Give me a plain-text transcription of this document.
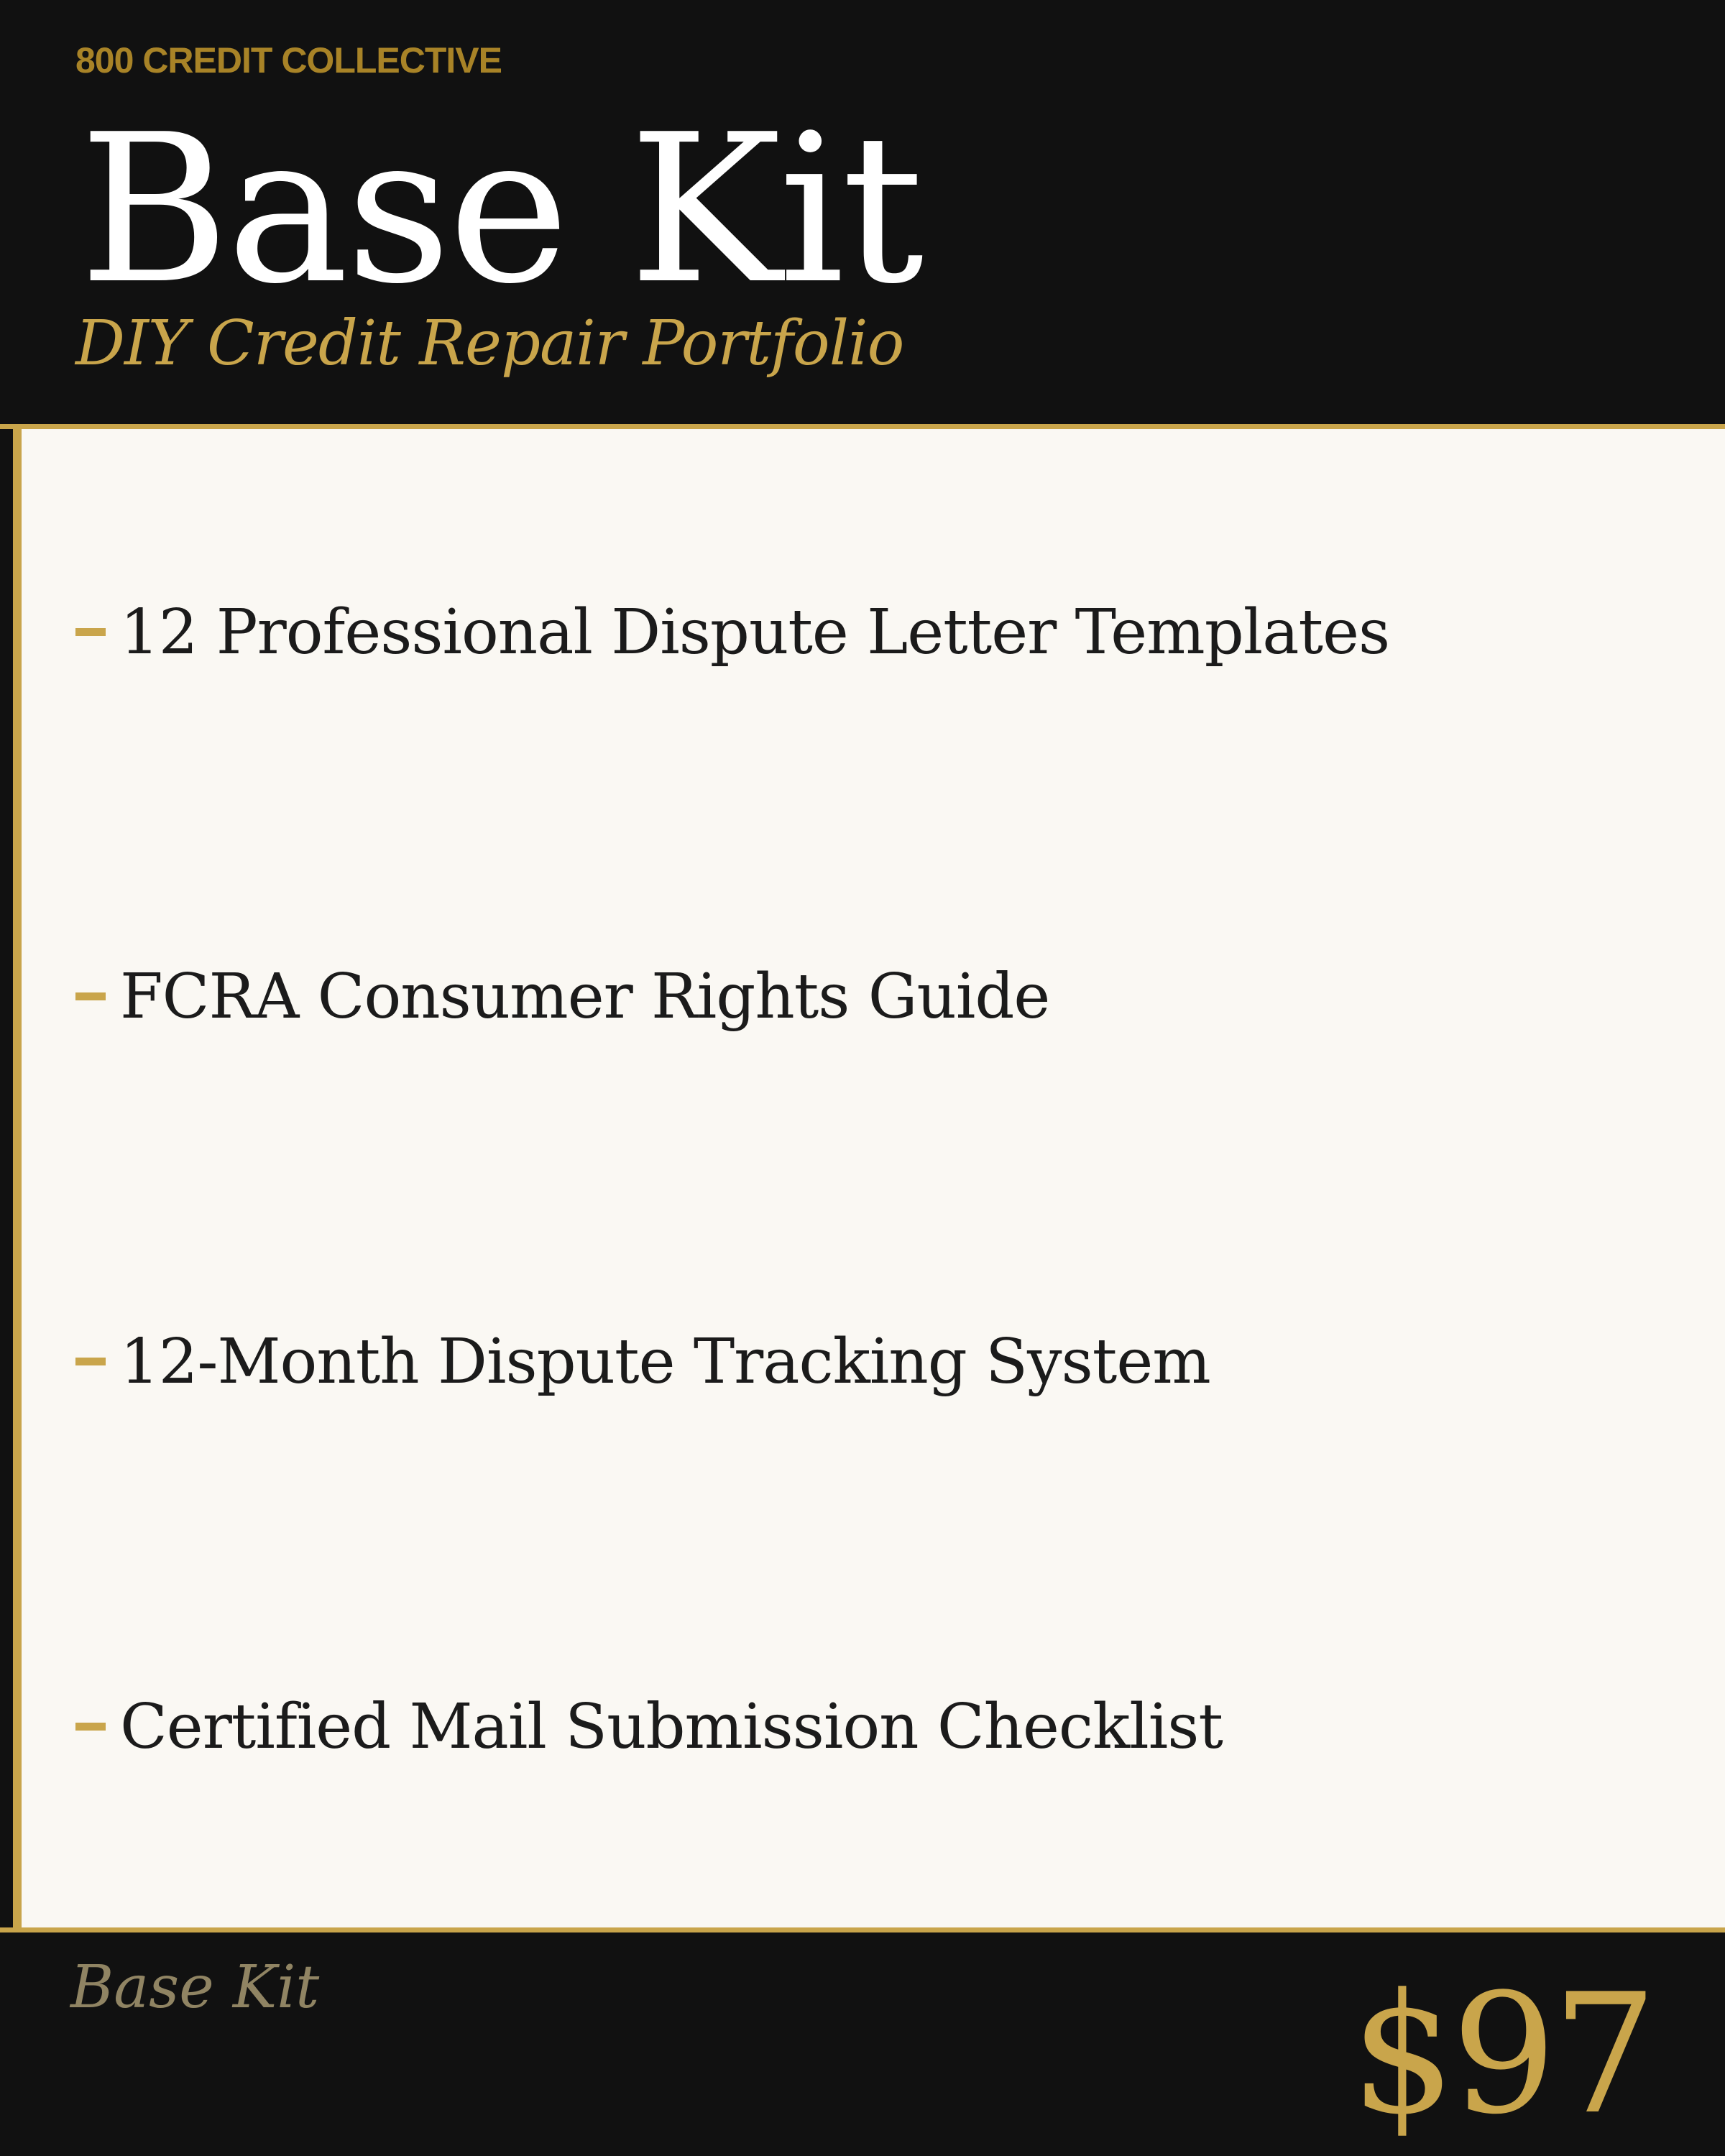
800 CREDIT COLLECTIVE
Base Kit
DIY Credit Repair Portfolio
12 Professional Dispute Letter Templates
FCRA Consumer Rights Guide
12-Month Dispute Tracking System
Certified Mail Submission Checklist
Base Kit	$97
